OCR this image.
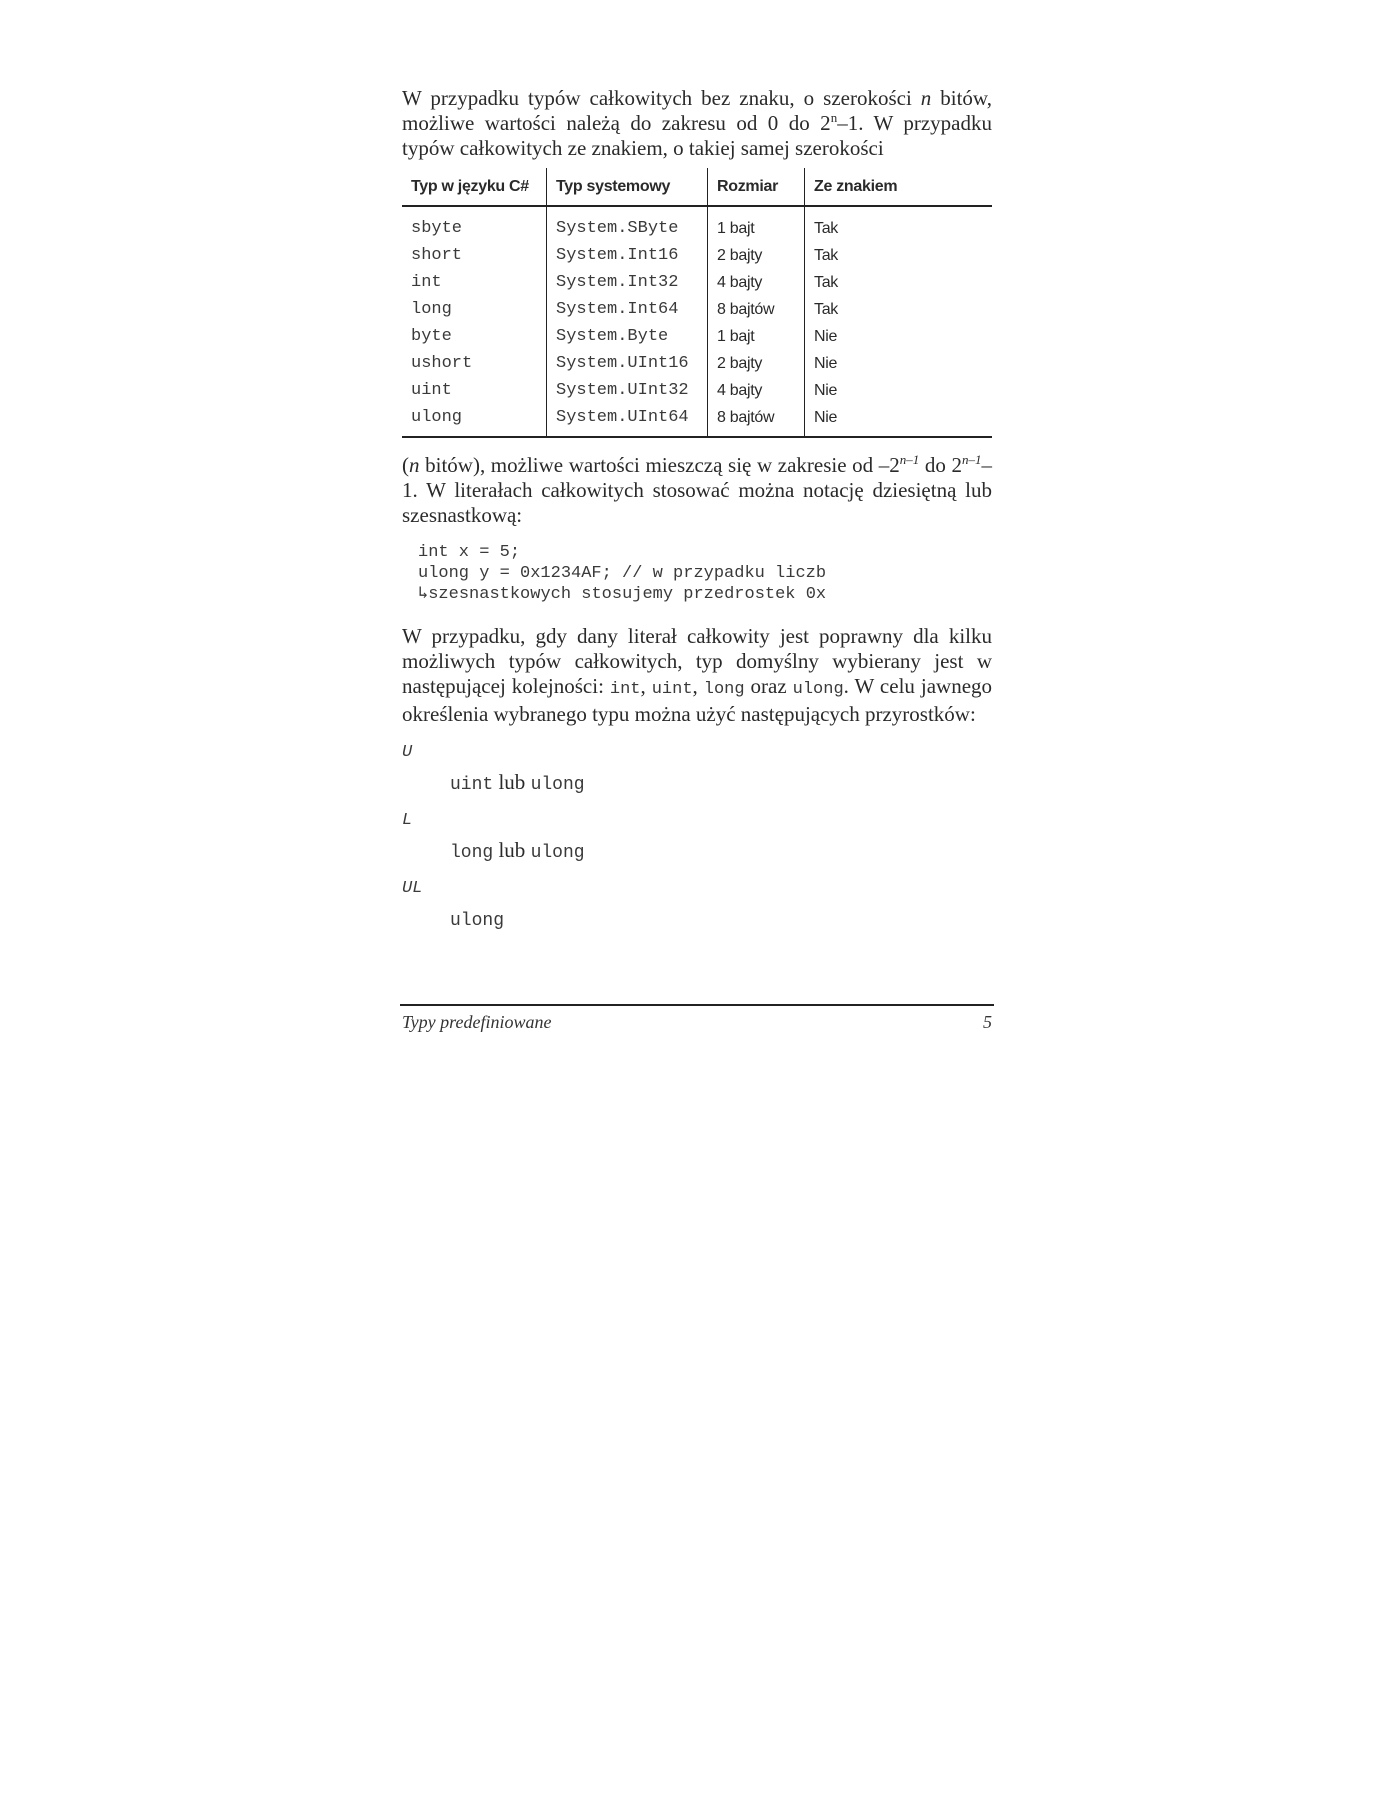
W przypadku typów całkowitych bez znaku, o szerokości n bitów, możliwe wartości należą do zakresu od 0 do 2$^n$–1. W przypadku typów całkowitych ze znakiem, o takiej samej szerokości

Typ w języku C#	Typ systemowy	Rozmiar	Ze znakiem
sbyte	System.SByte	1 bajt	Tak
short	System.Int16	2 bajty	Tak
int	System.Int32	4 bajty	Tak
long	System.Int64	8 bajtów	Tak
byte	System.Byte	1 bajt	Nie
ushort	System.UInt16	2 bajty	Nie
uint	System.UInt32	4 bajty	Nie
ulong	System.UInt64	8 bajtów	Nie

(n bitów), możliwe wartości mieszczą się w zakresie od –2$^{n-1}$ do 2$^{n-1}$–1. W literałach całkowitych stosować można notację dziesiętną lub szesnastkową:

int x = 5;
ulong y = 0x1234AF; // w przypadku liczb
↳szesnastkowych stosujemy przedrostek 0x

W przypadku, gdy dany literał całkowity jest poprawny dla kilku możliwych typów całkowitych, typ domyślny wybierany jest w następującej kolejności: int, uint, long oraz ulong. W celu jawnego określenia wybranego typu można użyć następujących przyrostków:

U
uint lub ulong
L
long lub ulong
UL
ulong
Typy predefiniowane	5
